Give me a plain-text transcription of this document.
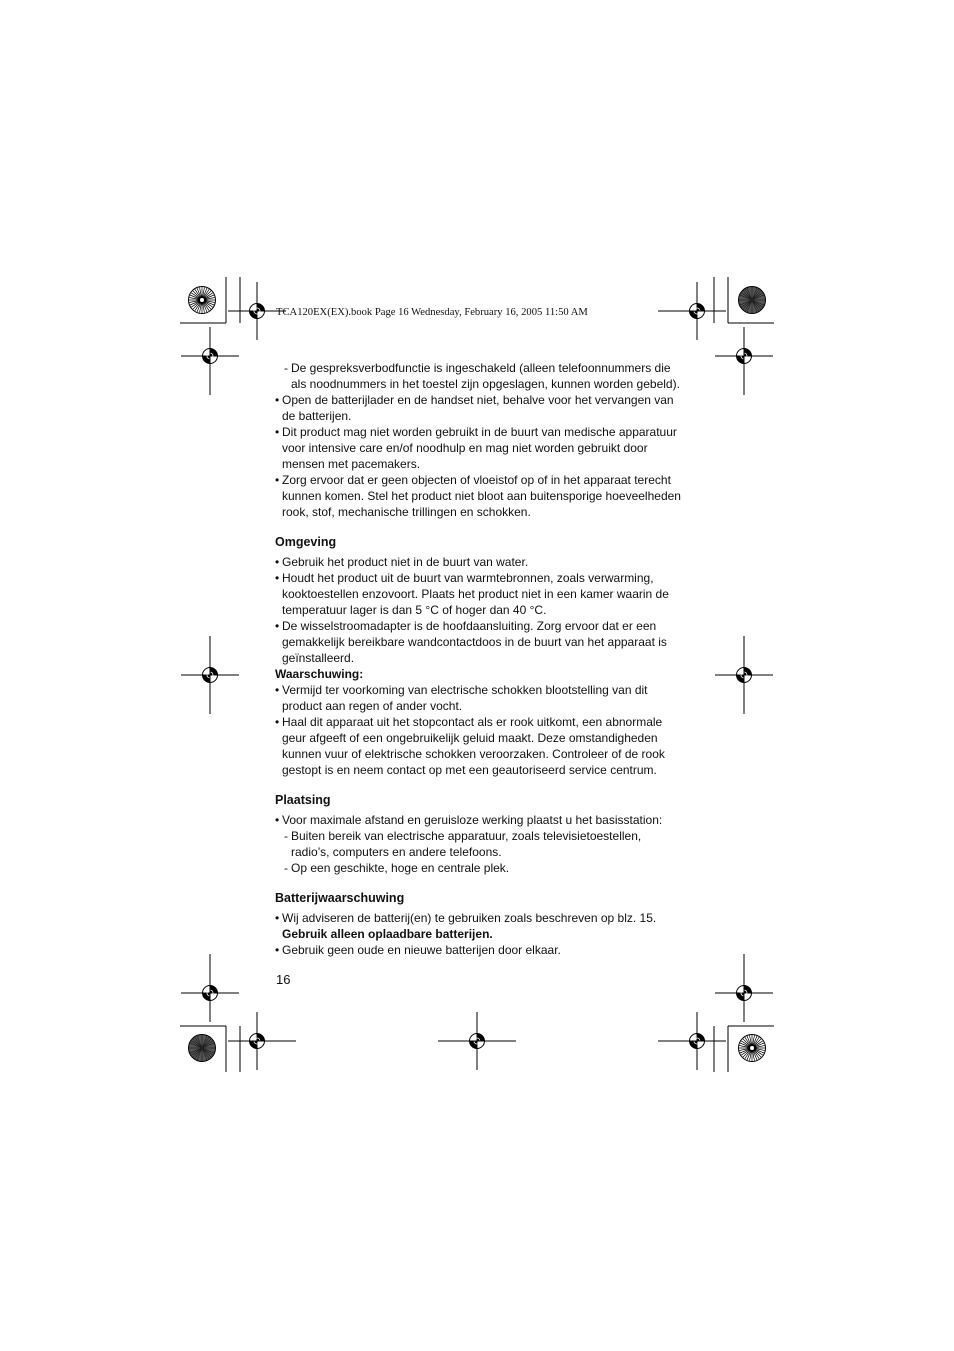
TCA120EX(EX).book Page 16 Wednesday, February 16, 2005 11:50 AM
- De gespreksverbodfunctie is ingeschakeld (alleen telefoonnummers die als noodnummers in het toestel zijn opgeslagen, kunnen worden gebeld).
• Open de batterijlader en de handset niet, behalve voor het vervangen van de batterijen.
• Dit product mag niet worden gebruikt in de buurt van medische apparatuur voor intensive care en/of noodhulp en mag niet worden gebruikt door mensen met pacemakers.
• Zorg ervoor dat er geen objecten of vloeistof op of in het apparaat terecht kunnen komen. Stel het product niet bloot aan buitensporige hoeveelheden rook, stof, mechanische trillingen en schokken.
Omgeving
• Gebruik het product niet in de buurt van water.
• Houdt het product uit de buurt van warmtebronnen, zoals verwarming, kooktoestellen enzovoort. Plaats het product niet in een kamer waarin de temperatuur lager is dan 5 °C of hoger dan 40 °C.
• De wisselstroomadapter is de hoofdaansluiting. Zorg ervoor dat er een gemakkelijk bereikbare wandcontactdoos in de buurt van het apparaat is geïnstalleerd.
Waarschuwing:
• Vermijd ter voorkoming van electrische schokken blootstelling van dit product aan regen of ander vocht.
• Haal dit apparaat uit het stopcontact als er rook uitkomt, een abnormale geur afgeeft of een ongebruikelijk geluid maakt. Deze omstandigheden kunnen vuur of elektrische schokken veroorzaken. Controleer of de rook gestopt is en neem contact op met een geautoriseerd service centrum.
Plaatsing
• Voor maximale afstand en geruisloze werking plaatst u het basisstation:
- Buiten bereik van electrische apparatuur, zoals televisietoestellen, radio’s, computers en andere telefoons.
- Op een geschikte, hoge en centrale plek.
Batterijwaarschuwing
• Wij adviseren de batterij(en) te gebruiken zoals beschreven op blz. 15.
Gebruik alleen oplaadbare batterijen.
• Gebruik geen oude en nieuwe batterijen door elkaar.
16
